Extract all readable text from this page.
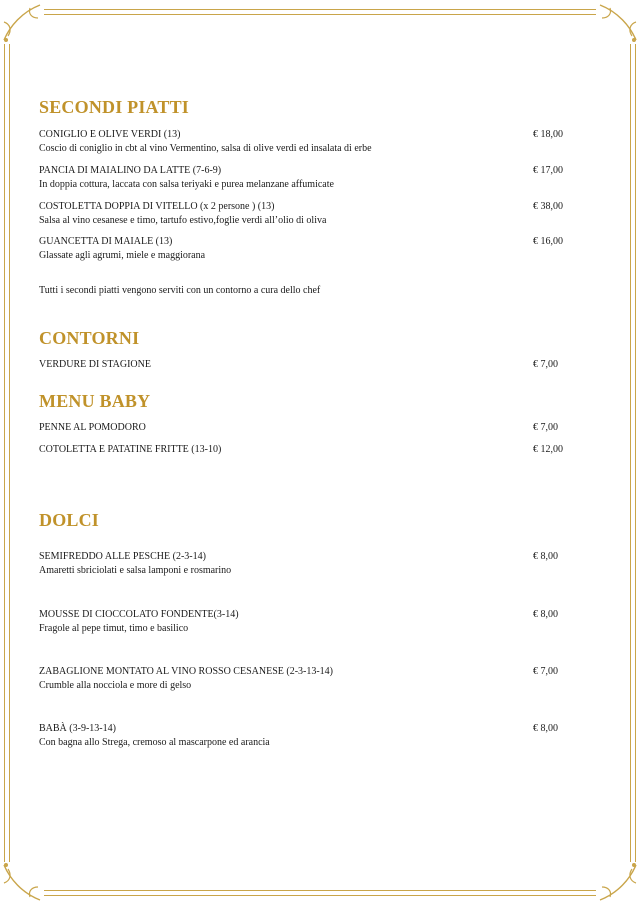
SECONDI PIATTI
CONIGLIO E OLIVE VERDI (13)
Coscio di coniglio in cbt al vino Vermentino, salsa di olive verdi ed insalata di erbe
€ 18,00
PANCIA DI MAIALINO DA LATTE (7-6-9)
In doppia cottura, laccata con salsa teriyaki e purea melanzane affumicate
€ 17,00
COSTOLETTA DOPPIA DI VITELLO (x 2 persone ) (13)
Salsa al vino cesanese e timo, tartufo estivo,foglie verdi all’olio di oliva
€ 38,00
GUANCETTA DI MAIALE (13)
Glassate agli agrumi, miele e maggiorana
€ 16,00
Tutti i secondi piatti vengono serviti con un contorno a cura dello chef
CONTORNI
VERDURE DI STAGIONE	€ 7,00
MENU BABY
PENNE AL POMODORO	€ 7,00
COTOLETTA E PATATINE FRITTE (13-10)	€ 12,00
DOLCI
SEMIFREDDO ALLE PESCHE (2-3-14)
Amaretti sbriciolati e salsa lamponi e rosmarino
€ 8,00
MOUSSE DI CIOCCOLATO FONDENTE(3-14)
Fragole al pepe timut, timo e basilico
€ 8,00
ZABAGLIONE MONTATO AL VINO ROSSO CESANESE (2-3-13-14)
Crumble alla nocciola e more di gelso
€ 7,00
BABÀ (3-9-13-14)
Con bagna allo Strega, cremoso al mascarpone ed arancia
€ 8,00
